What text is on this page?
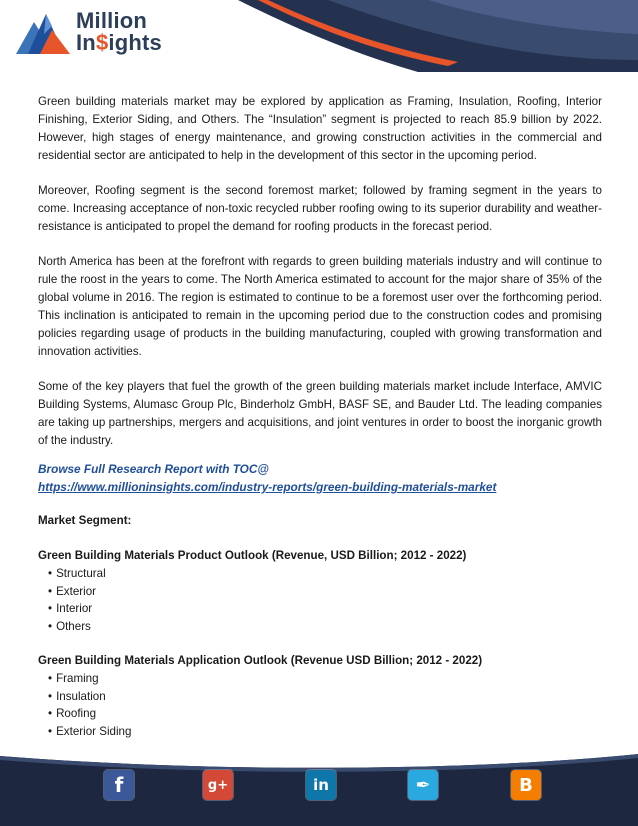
Million
In$ights

Green building materials market may be explored by application as Framing, Insulation, Roofing, Interior Finishing, Exterior Siding, and Others. The “Insulation” segment is projected to reach 85.9 billion by 2022. However, high stages of energy maintenance, and growing construction activities in the commercial and residential sector are anticipated to help in the development of this sector in the upcoming period.

Moreover, Roofing segment is the second foremost market; followed by framing segment in the years to come. Increasing acceptance of non-toxic recycled rubber roofing owing to its superior durability and weather-resistance is anticipated to propel the demand for roofing products in the forecast period.

North America has been at the forefront with regards to green building materials industry and will continue to rule the roost in the years to come. The North America estimated to account for the major share of 35% of the global volume in 2016. The region is estimated to continue to be a foremost user over the forthcoming period. This inclination is anticipated to remain in the upcoming period due to the construction codes and promising policies regarding usage of products in the building manufacturing, coupled with growing transformation and innovation activities.

Some of the key players that fuel the growth of the green building materials market include Interface, AMVIC Building Systems, Alumasc Group Plc, Binderholz GmbH, BASF SE, and Bauder Ltd. The leading companies are taking up partnerships, mergers and acquisitions, and joint ventures in order to boost the inorganic growth of the industry.

Browse Full Research Report with TOC@
https://www.millioninsights.com/industry-reports/green-building-materials-market
Market Segment:
Green Building Materials Product Outlook (Revenue, USD Billion; 2012 - 2022)
• Structural
• Exterior
• Interior
• Others
Green Building Materials Application Outlook (Revenue USD Billion; 2012 - 2022)
• Framing
• Insulation
• Roofing
• Exterior Siding
f	g+	in	✒	B
